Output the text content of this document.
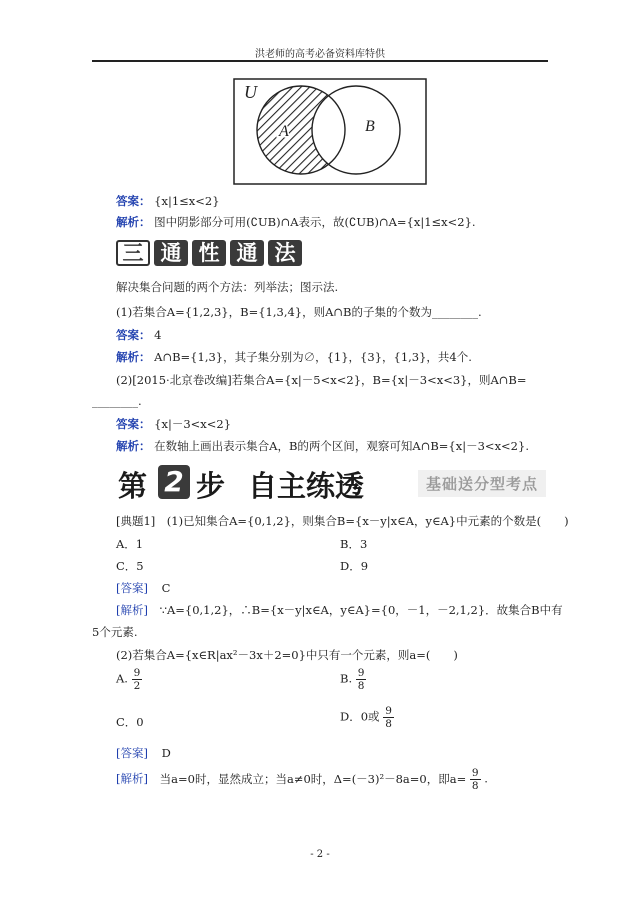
洪老师的高考必备资料库特供
U
A	B
答案： {x|1≤x<2}
解析： 图中阴影部分可用(∁UB)∩A表示，故(∁UB)∩A={x|1≤x<2}.
三 通 性 通 法
解决集合问题的两个方法：列举法；图示法.
(1)若集合A={1,2,3}，B={1,3,4}，则A∩B的子集的个数为________.
答案： 4
解析： A∩B={1,3}，其子集分别为∅，{1}，{3}，{1,3}，共4个.
(2)[2015·北京卷改编]若集合A={x|－5<x<2}，B={x|－3<x<3}，则A∩B=
________.
答案： {x|－3<x<2}
解析： 在数轴上画出表示集合A，B的两个区间，观察可知A∩B={x|－3<x<2}.
第 2 步 自主练透	基础送分型考点
[典题1]　(1)已知集合A={0,1,2}，则集合B={x－y|x∈A，y∈A}中元素的个数是(　　)
A．1	B．3
C．5	D．9
[答案] C
[解析] ∵A={0,1,2}，∴B={x－y|x∈A，y∈A}={0，－1，－2,1,2}．故集合B中有
5个元素.
(2)若集合A={x∈R|ax²－3x＋2=0}中只有一个元素，则a=(　　)
A. $\frac{9}{2}$	B. $\frac{9}{8}$
C．0	D．0或 $\frac{9}{8}$
[答案] D
[解析] 当a=0时，显然成立；当a≠0时，Δ=(－3)²－8a=0，即$a= \frac{9}{8}$ .
- 2 -
